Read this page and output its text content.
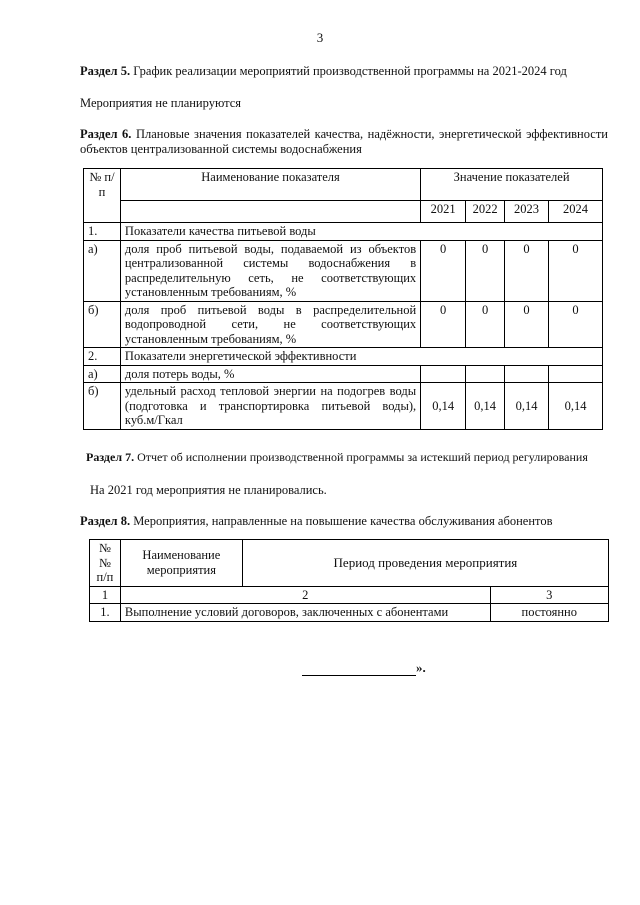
3
Раздел 5. График реализации мероприятий производственной программы на 2021-2024 год
Мероприятия не планируются
Раздел 6. Плановые значения показателей качества, надёжности, энергетической эффективности объектов централизованной системы водоснабжения
№ п/п	Наименование показателя	Значение показателей			
		2021	2022	2023	2024
1.	Показатели качества питьевой воды				
а)	доля проб питьевой воды, подаваемой из объектов централизованной системы водоснабжения в распределительную сеть, не соответствующих установленным требованиям, %	0	0	0	0
б)	доля проб питьевой воды в распределительной водопроводной сети, не соответствующих установленным требованиям, %	0	0	0	0
2.	Показатели энергетической эффективности				
а)	доля потерь воды, %				
б)	удельный расход тепловой энергии на подогрев воды (подготовка и транспортировка питьевой воды), куб.м/Гкал	0,14	0,14	0,14	0,14
Раздел 7. Отчет об исполнении производственной программы за истекший период регулирования
На 2021 год мероприятия не планировались.
Раздел 8. Мероприятия, направленные на повышение качества обслуживания абонентов
№№ п/п	Наименование мероприятия	Период проведения мероприятия	
1	2		3
1.	Выполнение условий договоров, заключенных с абонентами		постоянно
».
